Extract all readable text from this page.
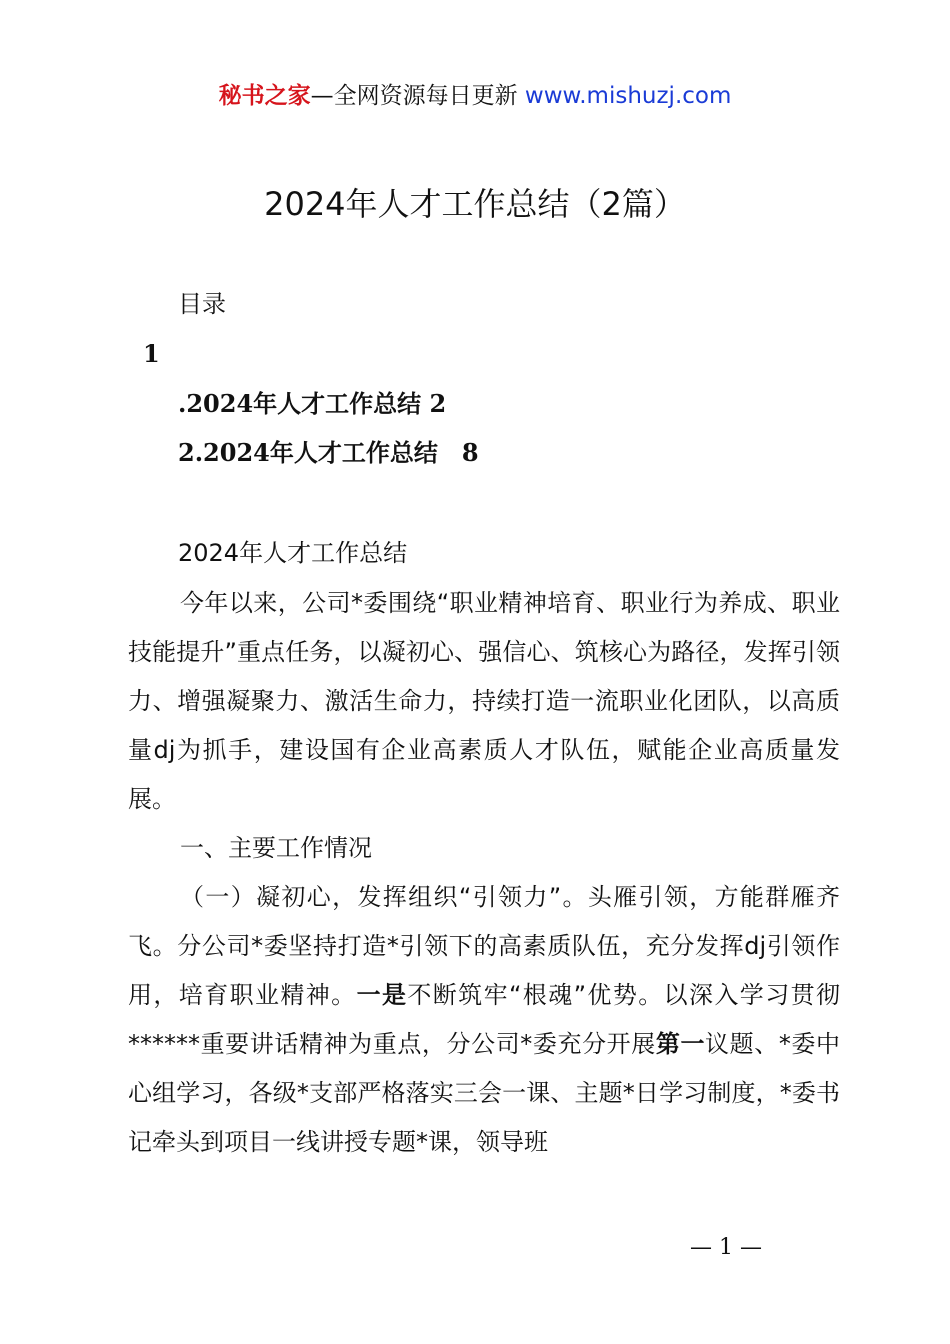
秘书之家—全网资源每日更新 www.mishuzj.com
2024年人才工作总结（2篇）
目录
1
.2024年人才工作总结 2
2.2024年人才工作总结　8
2024年人才工作总结

今年以来，公司*委围绕“职业精神培育、职业行为养成、职业技能提升”重点任务，以凝初心、强信心、筑核心为路径，发挥引领力、增强凝聚力、激活生命力，持续打造一流职业化团队，以高质量dj为抓手，建设国有企业高素质人才队伍，赋能企业高质量发展。

一、主要工作情况

（一）凝初心，发挥组织“引领力”。头雁引领，方能群雁齐飞。分公司*委坚持打造*引领下的高素质队伍，充分发挥dj引领作用，培育职业精神。一是不断筑牢“根魂”优势。以深入学习贯彻******重要讲话精神为重点，分公司*委充分开展第一议题、*委中心组学习，各级*支部严格落实三会一课、主题*日学习制度，*委书记牵头到项目一线讲授专题*课，领导班

— 1 —
